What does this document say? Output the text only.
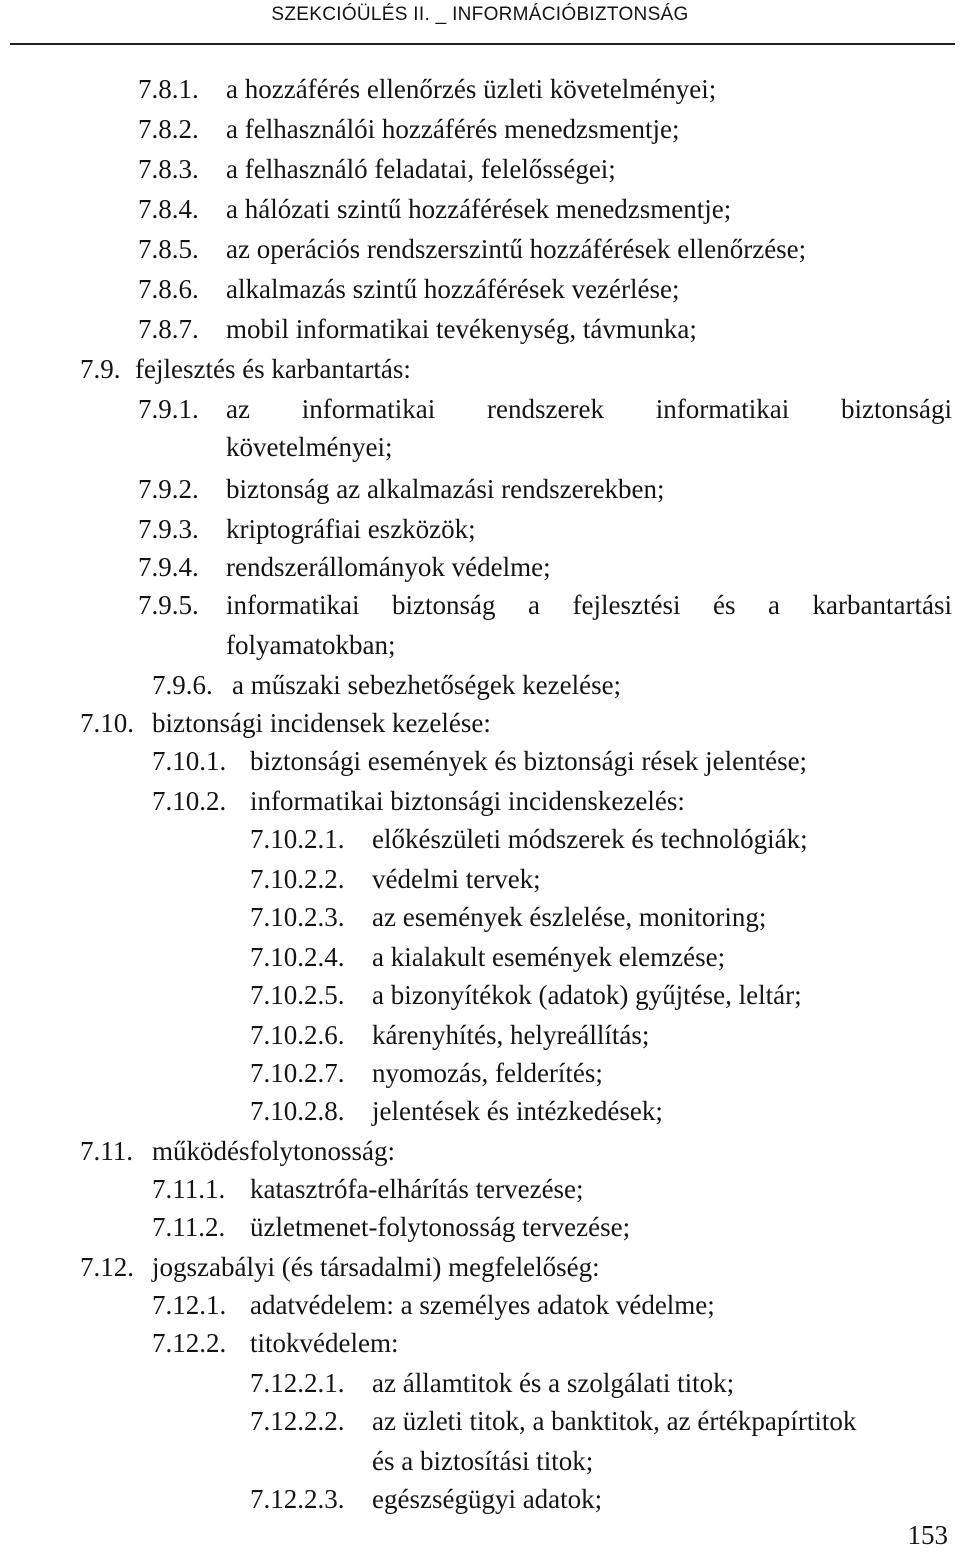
SZEKCIÓÜLÉS II. _ INFORMÁCIÓBIZTONSÁG
7.8.1. a hozzáférés ellenőrzés üzleti követelményei;
7.8.2. a felhasználói hozzáférés menedzsmentje;
7.8.3. a felhasználó feladatai, felelősségei;
7.8.4. a hálózati szintű hozzáférések menedzsmentje;
7.8.5. az operációs rendszerszintű hozzáférések ellenőrzése;
7.8.6. alkalmazás szintű hozzáférések vezérlése;
7.8.7. mobil informatikai tevékenység, távmunka;
7.9. fejlesztés és karbantartás:
7.9.1. az informatikai rendszerek informatikai biztonsági
követelményei;
7.9.2. biztonság az alkalmazási rendszerekben;
7.9.3. kriptográfiai eszközök;
7.9.4. rendszerállományok védelme;
7.9.5. informatikai biztonság a fejlesztési és a karbantartási
folyamatokban;
7.9.6. a műszaki sebezhetőségek kezelése;
7.10. biztonsági incidensek kezelése:
7.10.1. biztonsági események és biztonsági rések jelentése;
7.10.2. informatikai biztonsági incidenskezelés:
7.10.2.1. előkészületi módszerek és technológiák;
7.10.2.2. védelmi tervek;
7.10.2.3. az események észlelése, monitoring;
7.10.2.4. a kialakult események elemzése;
7.10.2.5. a bizonyítékok (adatok) gyűjtése, leltár;
7.10.2.6. kárenyhítés, helyreállítás;
7.10.2.7. nyomozás, felderítés;
7.10.2.8. jelentések és intézkedések;
7.11. működésfolytonosság:
7.11.1. katasztrófa-elhárítás tervezése;
7.11.2. üzletmenet-folytonosság tervezése;
7.12. jogszabályi (és társadalmi) megfelelőség:
7.12.1. adatvédelem: a személyes adatok védelme;
7.12.2. titokvédelem:
7.12.2.1. az államtitok és a szolgálati titok;
7.12.2.2. az üzleti titok, a banktitok, az értékpapírtitok
és a biztosítási titok;
7.12.2.3. egészségügyi adatok;
153
